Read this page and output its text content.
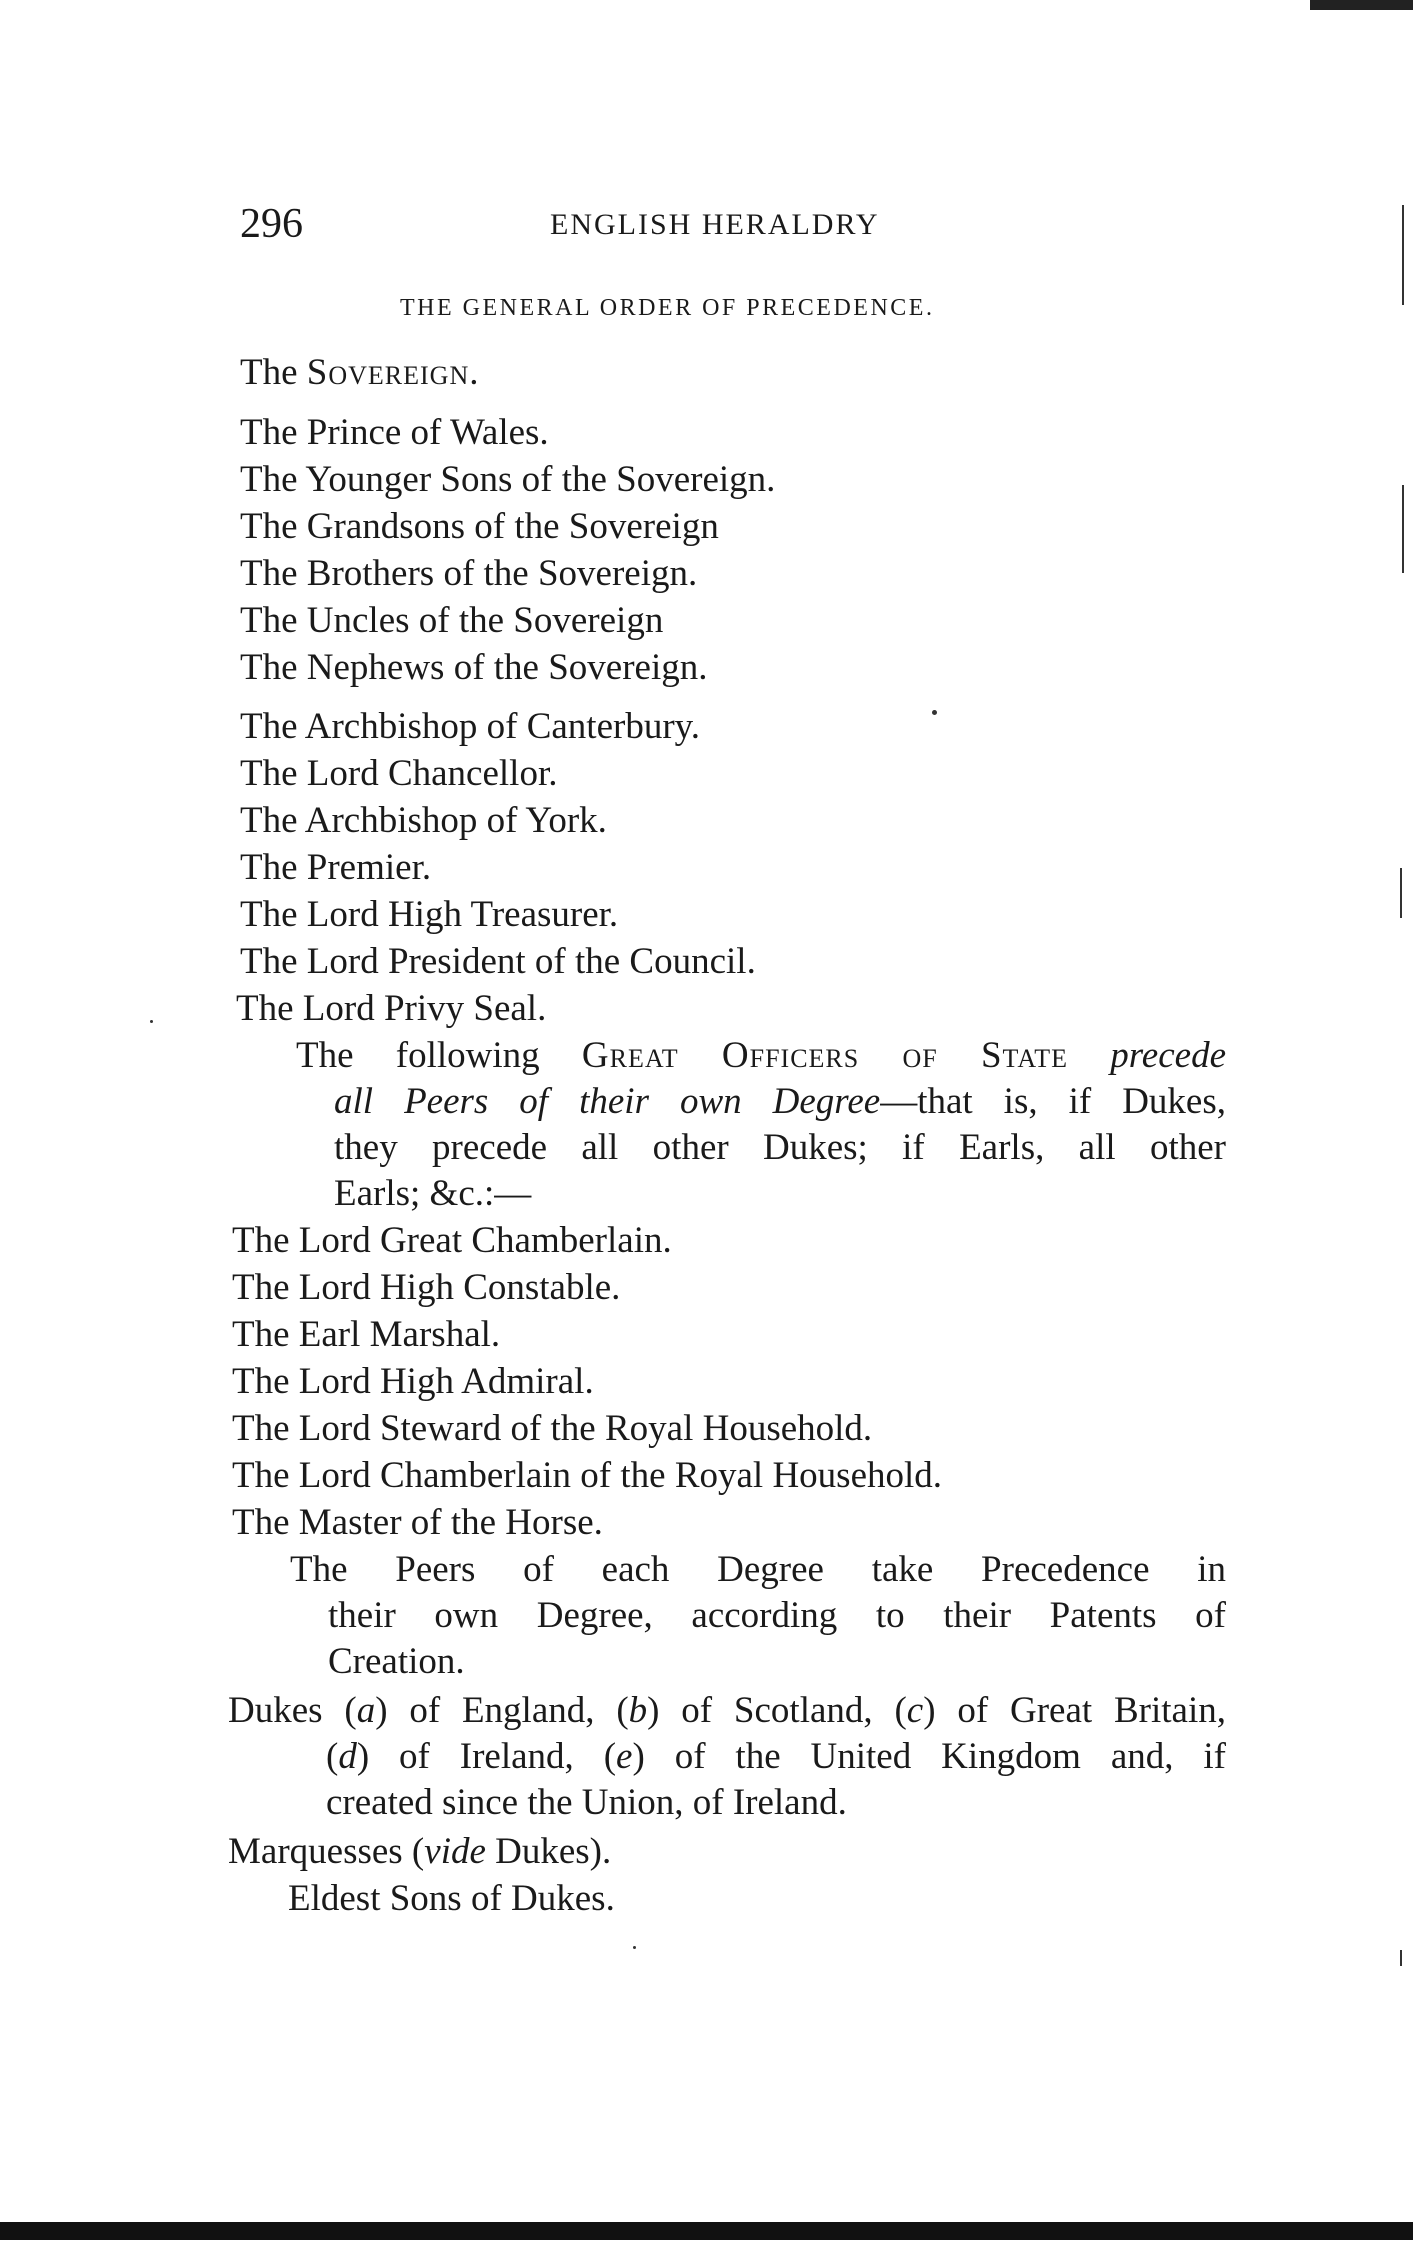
296	ENGLISH HERALDRY
THE GENERAL ORDER OF PRECEDENCE.
The Sovereign.
The Prince of Wales.
The Younger Sons of the Sovereign.
The Grandsons of the Sovereign
The Brothers of the Sovereign.
The Uncles of the Sovereign
The Nephews of the Sovereign.
The Archbishop of Canterbury.
The Lord Chancellor.
The Archbishop of York.
The Premier.
The Lord High Treasurer.
The Lord President of the Council.
The Lord Privy Seal.
The following Great Officers of State precede
all Peers of their own Degree—that is, if Dukes,
they precede all other Dukes; if Earls, all other
Earls; &c.:—
The Lord Great Chamberlain.
The Lord High Constable.
The Earl Marshal.
The Lord High Admiral.
The Lord Steward of the Royal Household.
The Lord Chamberlain of the Royal Household.
The Master of the Horse.
The Peers of each Degree take Precedence in
their own Degree, according to their Patents of
Creation.
Dukes (a) of England, (b) of Scotland, (c) of Great Britain,
(d) of Ireland, (e) of the United Kingdom and, if
created since the Union, of Ireland.
Marquesses (vide Dukes).
Eldest Sons of Dukes.
